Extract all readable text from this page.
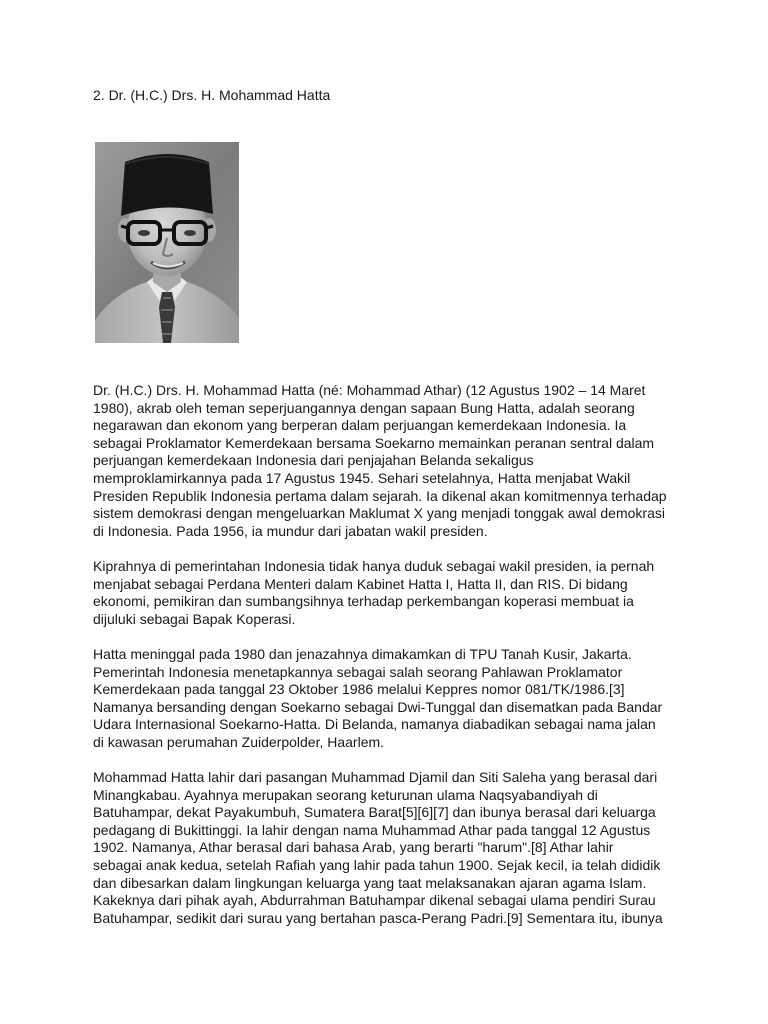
2. Dr. (H.C.) Drs. H. Mohammad Hatta

Dr. (H.C.) Drs. H. Mohammad Hatta (né: Mohammad Athar) (12 Agustus 1902 – 14 Maret
1980), akrab oleh teman seperjuangannya dengan sapaan Bung Hatta, adalah seorang
negarawan dan ekonom yang berperan dalam perjuangan kemerdekaan Indonesia. Ia
sebagai Proklamator Kemerdekaan bersama Soekarno memainkan peranan sentral dalam
perjuangan kemerdekaan Indonesia dari penjajahan Belanda sekaligus
memproklamirkannya pada 17 Agustus 1945. Sehari setelahnya, Hatta menjabat Wakil
Presiden Republik Indonesia pertama dalam sejarah. Ia dikenal akan komitmennya terhadap
sistem demokrasi dengan mengeluarkan Maklumat X yang menjadi tonggak awal demokrasi
di Indonesia. Pada 1956, ia mundur dari jabatan wakil presiden.

Kiprahnya di pemerintahan Indonesia tidak hanya duduk sebagai wakil presiden, ia pernah
menjabat sebagai Perdana Menteri dalam Kabinet Hatta I, Hatta II, dan RIS. Di bidang
ekonomi, pemikiran dan sumbangsihnya terhadap perkembangan koperasi membuat ia
dijuluki sebagai Bapak Koperasi.

Hatta meninggal pada 1980 dan jenazahnya dimakamkan di TPU Tanah Kusir, Jakarta.
Pemerintah Indonesia menetapkannya sebagai salah seorang Pahlawan Proklamator
Kemerdekaan pada tanggal 23 Oktober 1986 melalui Keppres nomor 081/TK/1986.[3]
Namanya bersanding dengan Soekarno sebagai Dwi-Tunggal dan disematkan pada Bandar
Udara Internasional Soekarno-Hatta. Di Belanda, namanya diabadikan sebagai nama jalan
di kawasan perumahan Zuiderpolder, Haarlem.

Mohammad Hatta lahir dari pasangan Muhammad Djamil dan Siti Saleha yang berasal dari
Minangkabau. Ayahnya merupakan seorang keturunan ulama Naqsyabandiyah di
Batuhampar, dekat Payakumbuh, Sumatera Barat[5][6][7] dan ibunya berasal dari keluarga
pedagang di Bukittinggi. Ia lahir dengan nama Muhammad Athar pada tanggal 12 Agustus
1902. Namanya, Athar berasal dari bahasa Arab, yang berarti "harum".[8] Athar lahir
sebagai anak kedua, setelah Rafiah yang lahir pada tahun 1900. Sejak kecil, ia telah dididik
dan dibesarkan dalam lingkungan keluarga yang taat melaksanakan ajaran agama Islam.
Kakeknya dari pihak ayah, Abdurrahman Batuhampar dikenal sebagai ulama pendiri Surau
Batuhampar, sedikit dari surau yang bertahan pasca-Perang Padri.[9] Sementara itu, ibunya
